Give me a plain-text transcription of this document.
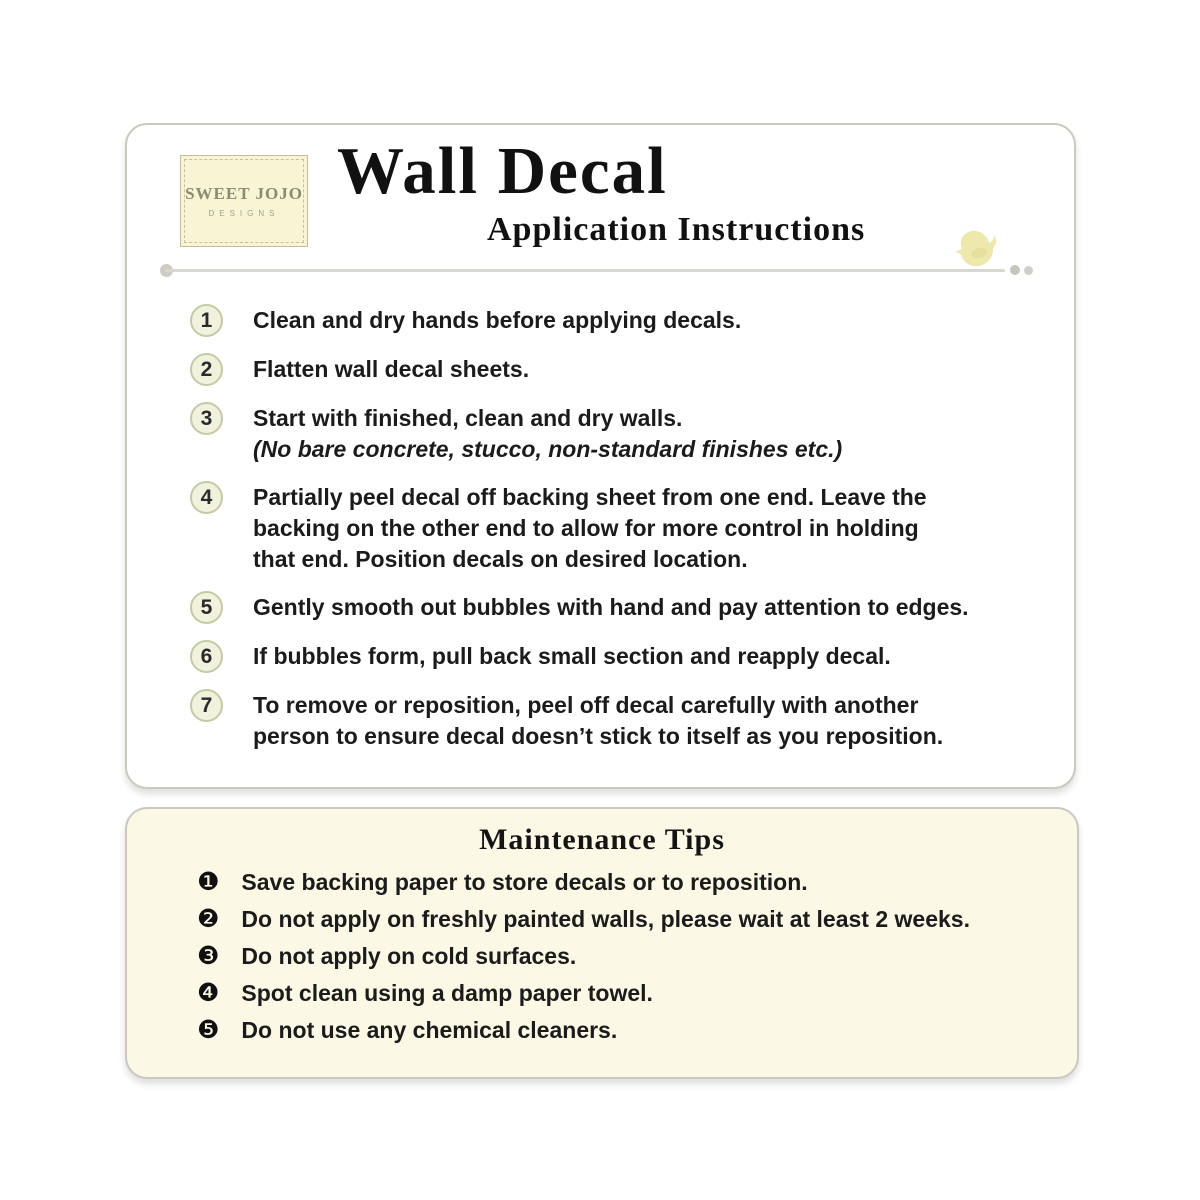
SWEET JOJO
DESIGNS
Wall Decal
Application Instructions
1	Clean and dry hands before applying decals.
2	Flatten wall decal sheets.
3	Start with finished, clean and dry walls.
(No bare concrete, stucco, non-standard finishes etc.)
4	Partially peel decal off backing sheet from one end. Leave the
backing on the other end to allow for more control in holding
that end. Position decals on desired location.
5	Gently smooth out bubbles with hand and pay attention to edges.
6	If bubbles form, pull back small section and reapply decal.
7	To remove or reposition, peel off decal carefully with another
person to ensure decal doesn’t stick to itself as you reposition.
Maintenance Tips
❶ Save backing paper to store decals or to reposition.
❷ Do not apply on freshly painted walls, please wait at least 2 weeks.
❸ Do not apply on cold surfaces.
❹ Spot clean using a damp paper towel.
❺ Do not use any chemical cleaners.
